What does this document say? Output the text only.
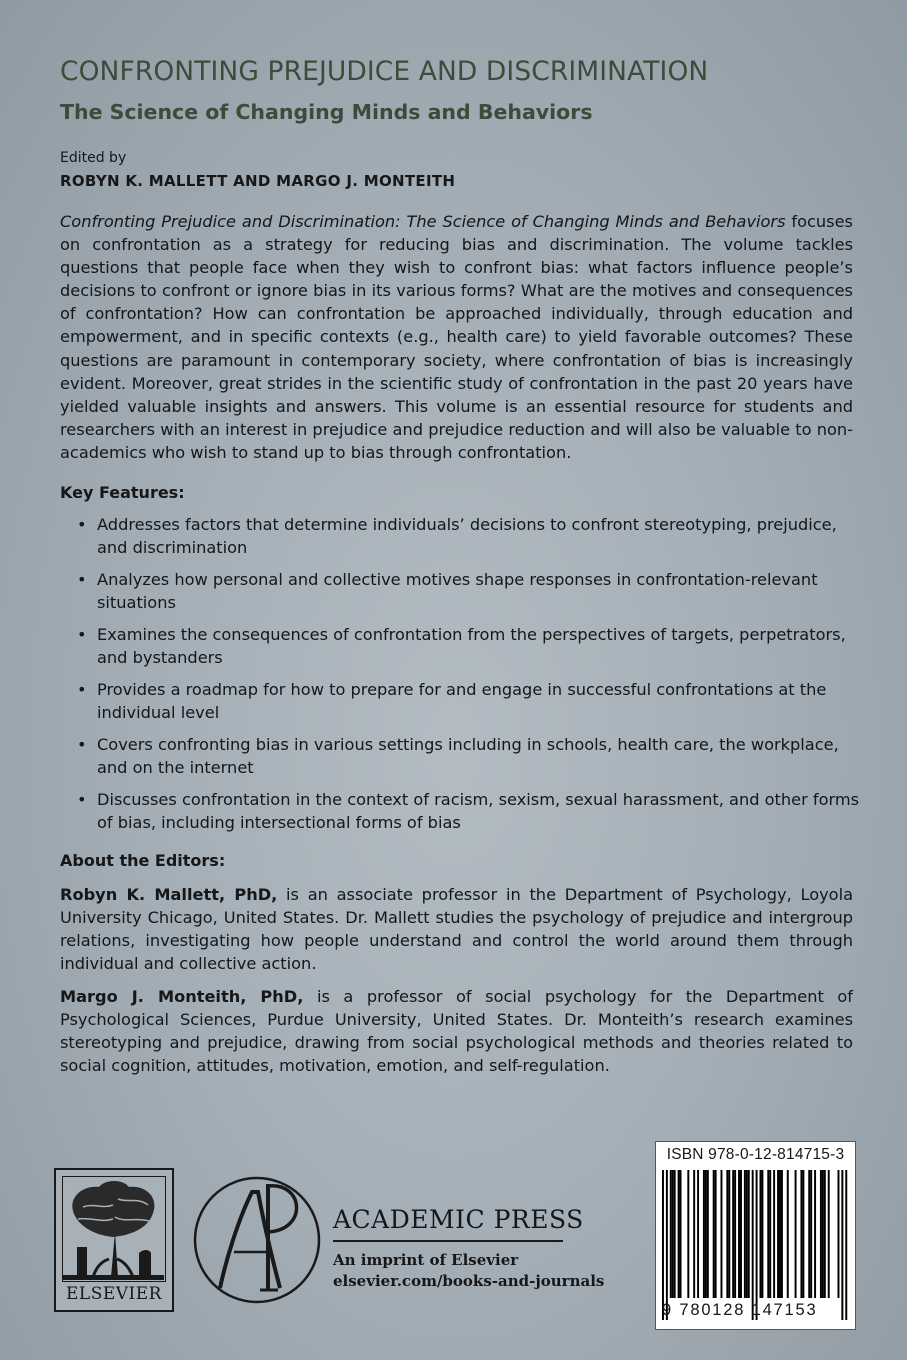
CONFRONTING PREJUDICE AND DISCRIMINATION
The Science of Changing Minds and Behaviors
Edited by
ROBYN K. MALLETT AND MARGO J. MONTEITH

Confronting Prejudice and Discrimination: The Science of Changing Minds and Behaviors focuses on confrontation as a strategy for reducing bias and discrimination. The volume tackles questions that people face when they wish to confront bias: what factors influence people’s decisions to confront or ignore bias in its various forms? What are the motives and consequences of confrontation? How can confrontation be approached individually, through education and empowerment, and in specific contexts (e.g., health care) to yield favorable outcomes? These questions are paramount in contemporary society, where confrontation of bias is increasingly evident. Moreover, great strides in the scientific study of confrontation in the past 20 years have yielded valuable insights and answers. This volume is an essential resource for students and researchers with an interest in prejudice and prejudice reduction and will also be valuable to non-academics who wish to stand up to bias through confrontation.

Key Features:
• Addresses factors that determine individuals’ decisions to confront stereotyping, prejudice, and discrimination
• Analyzes how personal and collective motives shape responses in confrontation-relevant situations
• Examines the consequences of confrontation from the perspectives of targets, perpetrators, and bystanders
• Provides a roadmap for how to prepare for and engage in successful confrontations at the individual level
• Covers confronting bias in various settings including in schools, health care, the workplace, and on the internet
• Discusses confrontation in the context of racism, sexism, sexual harassment, and other forms of bias, including intersectional forms of bias
About the Editors:

Robyn K. Mallett, PhD, is an associate professor in the Department of Psychology, Loyola University Chicago, United States. Dr. Mallett studies the psychology of prejudice and intergroup relations, investigating how people understand and control the world around them through individual and collective action.

Margo J. Monteith, PhD, is a professor of social psychology for the Department of Psychological Sciences, Purdue University, United States. Dr. Monteith’s research examines stereotyping and prejudice, drawing from social psychological methods and theories related to social cognition, attitudes, motivation, emotion, and self-regulation.

ELSEVIER
ACADEMIC PRESS
An imprint of Elsevier
elsevier.com/books-and-journals
ISBN 978-0-12-814715-3
9 780128 147153
